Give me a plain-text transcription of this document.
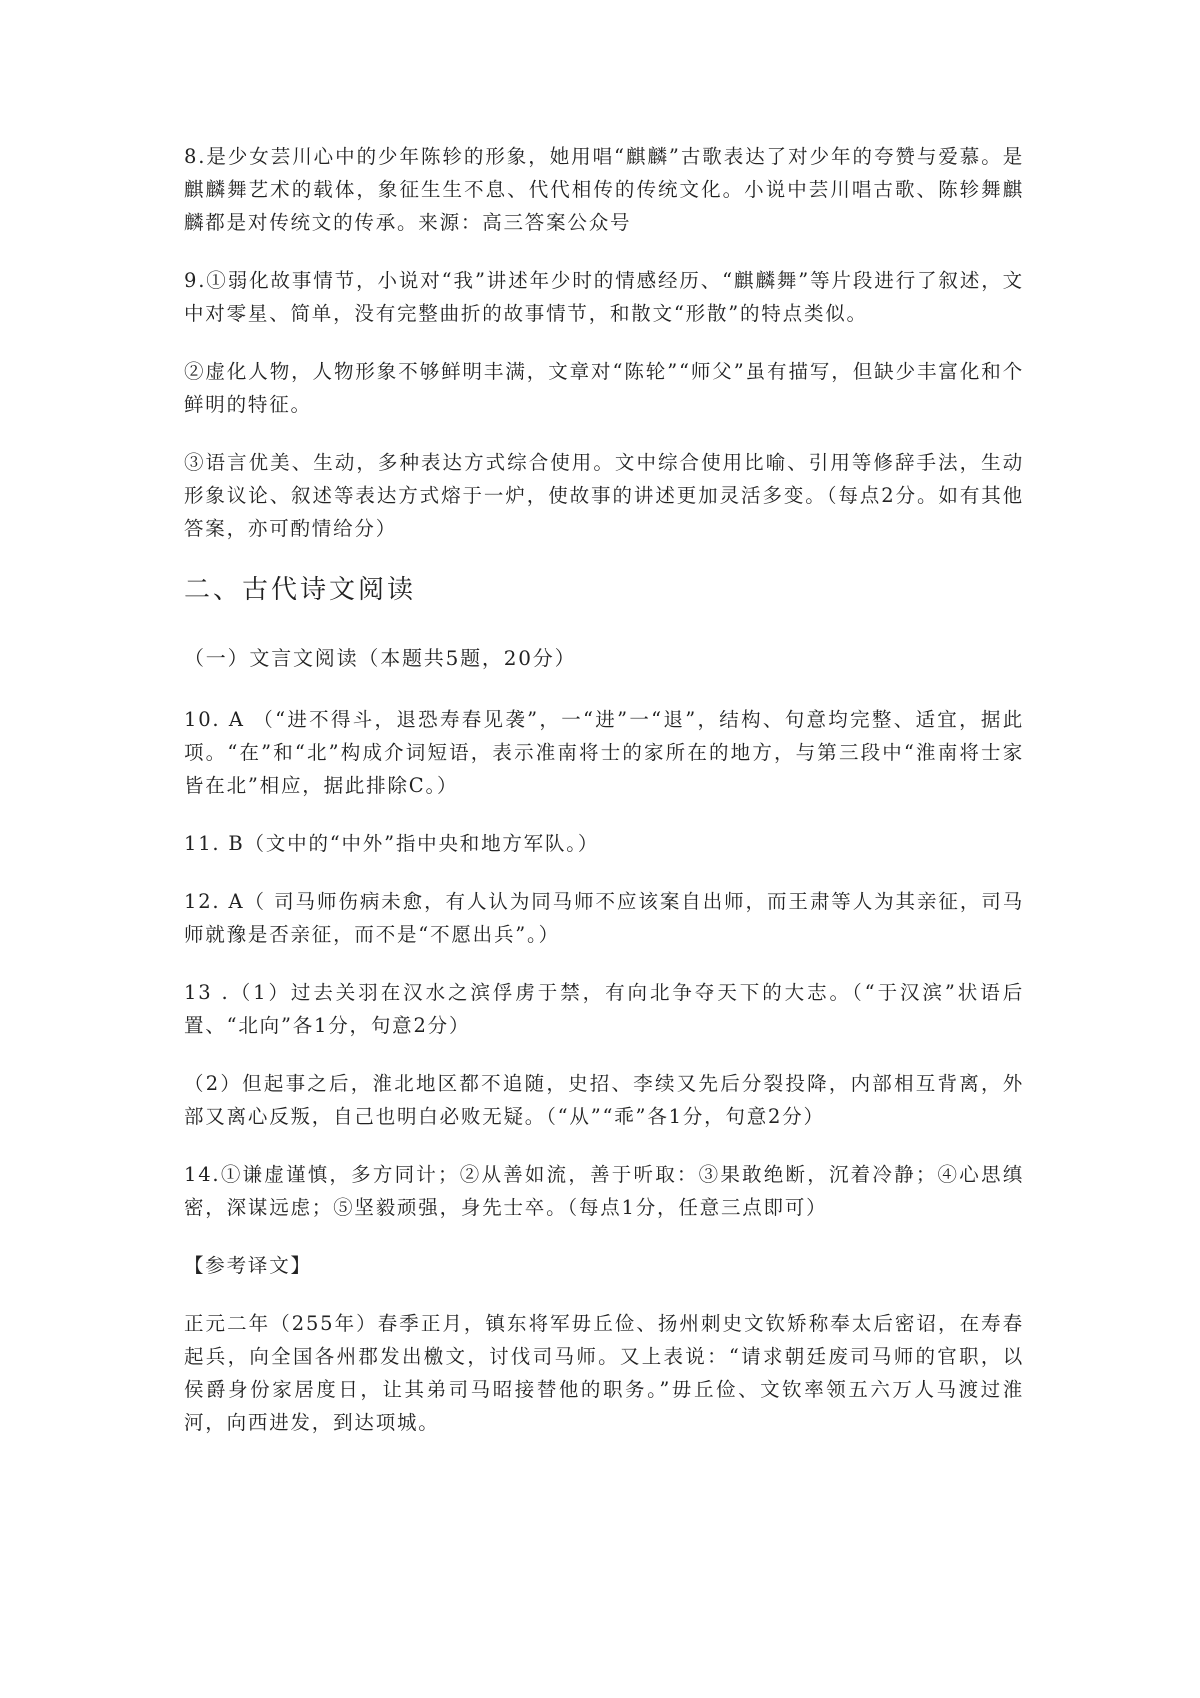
8.是少女芸川心中的少年陈轸的形象，她用唱“麒麟”古歌表达了对少年的夸赞与爱慕。是麒麟舞艺术的载体，象征生生不息、代代相传的传统文化。小说中芸川唱古歌、陈轸舞麒麟都是对传统文的传承。来源：高三答案公众号

9.①弱化故事情节，小说对“我”讲述年少时的情感经历、“麒麟舞”等片段进行了叙述，文中对零星、简单，没有完整曲折的故事情节，和散文“形散”的特点类似。

②虚化人物，人物形象不够鲜明丰满，文章对“陈轮”“师父”虽有描写，但缺少丰富化和个鲜明的特征。

③语言优美、生动，多种表达方式综合使用。文中综合使用比喻、引用等修辞手法，生动形象议论、叙述等表达方式熔于一炉，使故事的讲述更加灵活多变。（每点2分。如有其他答案，亦可酌情给分）

二、古代诗文阅读

（一）文言文阅读（本题共5题，20分）

10. A （“进不得斗，退恐寿春见袭”，一“进”一“退”，结构、句意均完整、适宜，据此项。“在”和“北”构成介词短语，表示准南将士的家所在的地方，与第三段中“淮南将士家皆在北”相应，据此排除C。）

11. B（文中的“中外”指中央和地方军队。）

12. A（ 司马师伤病未愈，有人认为同马师不应该案自出师，而王肃等人为其亲征，司马师就豫是否亲征，而不是“不愿出兵”。）

13 .（1）过去关羽在汉水之滨俘虏于禁，有向北争夺天下的大志。（“于汉滨”状语后置、“北向”各1分，句意2分）

（2）但起事之后，淮北地区都不追随，史招、李续又先后分裂投降，内部相互背离，外部又离心反叛，自己也明白必败无疑。（“从”“乖”各1分，句意2分）

14.①谦虚谨慎，多方同计；②从善如流，善于听取：③果敢绝断，沉着冷静；④心思缜密，深谋远虑；⑤坚毅顽强，身先士卒。（每点1分，任意三点即可）

【参考译文】

正元二年（255年）春季正月，镇东将军毋丘俭、扬州刺史文钦矫称奉太后密诏，在寿春起兵，向全国各州郡发出檄文，讨伐司马师。又上表说：“请求朝廷废司马师的官职，以侯爵身份家居度日，让其弟司马昭接替他的职务。”毋丘俭、文钦率领五六万人马渡过淮河，向西进发，到达项城。
